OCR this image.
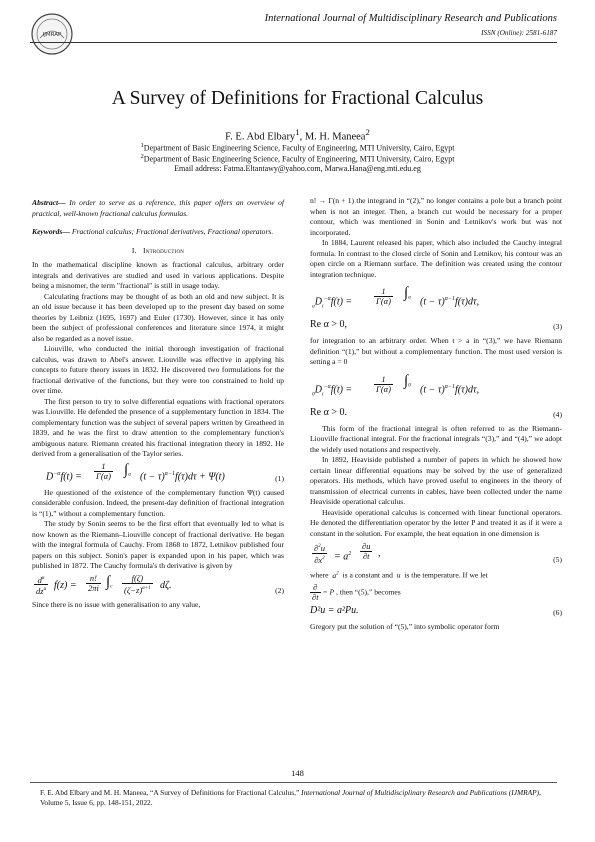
IJMRAP
International Journal of Multidisciplinary Research and Publications
ISSN (Online): 2581-6187
A Survey of Definitions for Fractional Calculus
F. E. Abd Elbary$^1$, M. H. Maneea$^2$
$^1$Department of Basic Engineering Science, Faculty of Engineering, MTI University, Cairo, Egypt
$^2$Department of Basic Engineering Science, Faculty of Engineering, MTI University, Cairo, Egypt
Email address: Fatma.Eltantawy@yahoo.com, Marwa.Hana@eng.mti.edu.eg

Abstract— In order to serve as a reference, this paper offers an overview of practical, well-known fractional calculus formulas.

Keywords— Fractional calculus; Fractional derivatives, Fractional operators.

I. Introduction

In the mathematical discipline known as fractional calculus, arbitrary order integrals and derivatives are studied and used in various applications. Despite being a misnomer, the term "fractional" is still in usage today.

Calculating fractions may be thought of as both an old and new subject. It is an old issue because it has been developed up to the present day based on some theories by Leibniz (1695, 1697) and Euler (1730). However, since it has only been the subject of professional conferences and literature since 1974, it might also be regarded as a novel issue.

Liouville, who conducted the initial thorough investigation of fractional calculus, was drawn to Abel's answer. Liouville was effective in applying his concepts to future theory issues in 1832. He discovered two formulations for the fractional derivative of the functions, but they were too constrained to hold up over time.

The first person to try to solve differential equations with fractional operators was Liouville. He defended the presence of a supplementary function in 1834. The complementary function was the subject of several papers written by Greatheed in 1839, and he was the first to draw attention to the complementary function's ambiguous nature. Riemann created his fractional integration theory in 1892. He derived from a generalisation of the Taylor series.

$D^{-\alpha}f(t) = \frac{1}{\Gamma(\alpha)} \int_a$ $(t - \tau)^{\alpha-1}f(\tau)d\tau + \Psi(t)$	(1)

He questioned of the existence of the complementary function Ψ(t) caused considerable confusion. Indeed, the present-day definition of fractional integration is “(1),” without a complementary function.

The study by Sonin seems to be the first effort that eventually led to what is now known as the Riemann–Liouville concept of fractional derivative. He began with the integral formula of Cauchy. From 1868 to 1872, Letnikov published four papers on this subject. Sonin's paper is expanded upon in his paper, which was published in 1872. The Cauchy formula's th derivative is given by

$d^\alpha$
$dz^\alpha$ $f(z) = \frac{n!}{2\pi i} \int_c \frac{f(\zeta)}{(\zeta-z)^{\alpha+1}} d\zeta$.	(2)

Since there is no issue with generalisation to any value,

n! → Γ(n + 1) the integrand in “(2),” no longer contains a pole but a branch point when is not an integer. Then, a branch cut would be necessary for a proper contour, which was mentioned in Sonin and Letnikov's work but was not incorporated.

In 1884, Laurent released his paper, which also included the Cauchy integral formula. In contrast to the closed circle of Sonin and Letnikov, his contour was an open circle on a Riemann surface. The definition was created using the contour integration technique.

$_aD_t^{-\alpha}f(t)$ =	$\frac{1}{\Gamma(\alpha)} \int_a$ $(t - \tau)^{\alpha-1}f(\tau)d\tau$,
Re α > 0,	(3)

for integration to an arbitrary order. When t > a in “(3),” we have Riemann definition “(1),” but without a complementary function. The most used version is setting a = 0

$_0D_t^{-\alpha}f(t)$ =	$\frac{1}{\Gamma(\alpha)} \int_0$ $(t - \tau)^{\alpha-1}f(\tau)d\tau$,
Re α > 0.	(4)

This form of the fractional integral is often referred to as the Riemann-Liouville fractional integral. For the fractional integrals “(3),” and “(4),” we adopt the widely used notations and respectively.

In 1892, Heaviside published a number of papers in which he showed how certain linear differential equations may be solved by the use of generalized operators. His methods, which have proved useful to engineers in the theory of transmission of electrical currents in cables, have been collected under the name Heaviside operational calculus.

Heaviside operational calculus is concerned with linear functional operators. He denoted the differentiation operator by the letter P and treated it as if it were a constant in the solution. For example, the heat equation in one dimension is

$\frac{\partial^2u}{\partial x^2} = a^2 \frac{\partial u}{\partial t}$ ,
(5)

where  $a^2$ is a constant and  u  is the temperature. If we let

$\frac{\partial}{\partial t} = P$ , then “(5),” becomes

D²u = a²Pu.	(6)

Gregory put the solution of “(5),” into symbolic operator form

148
F. E. Abd Elbary and M. H. Maneea, “A Survey of Definitions for Fractional Calculus,” International Journal of Multidisciplinary Research and Publications (IJMRAP), Volume 5, Issue 6, pp. 148-151, 2022.
